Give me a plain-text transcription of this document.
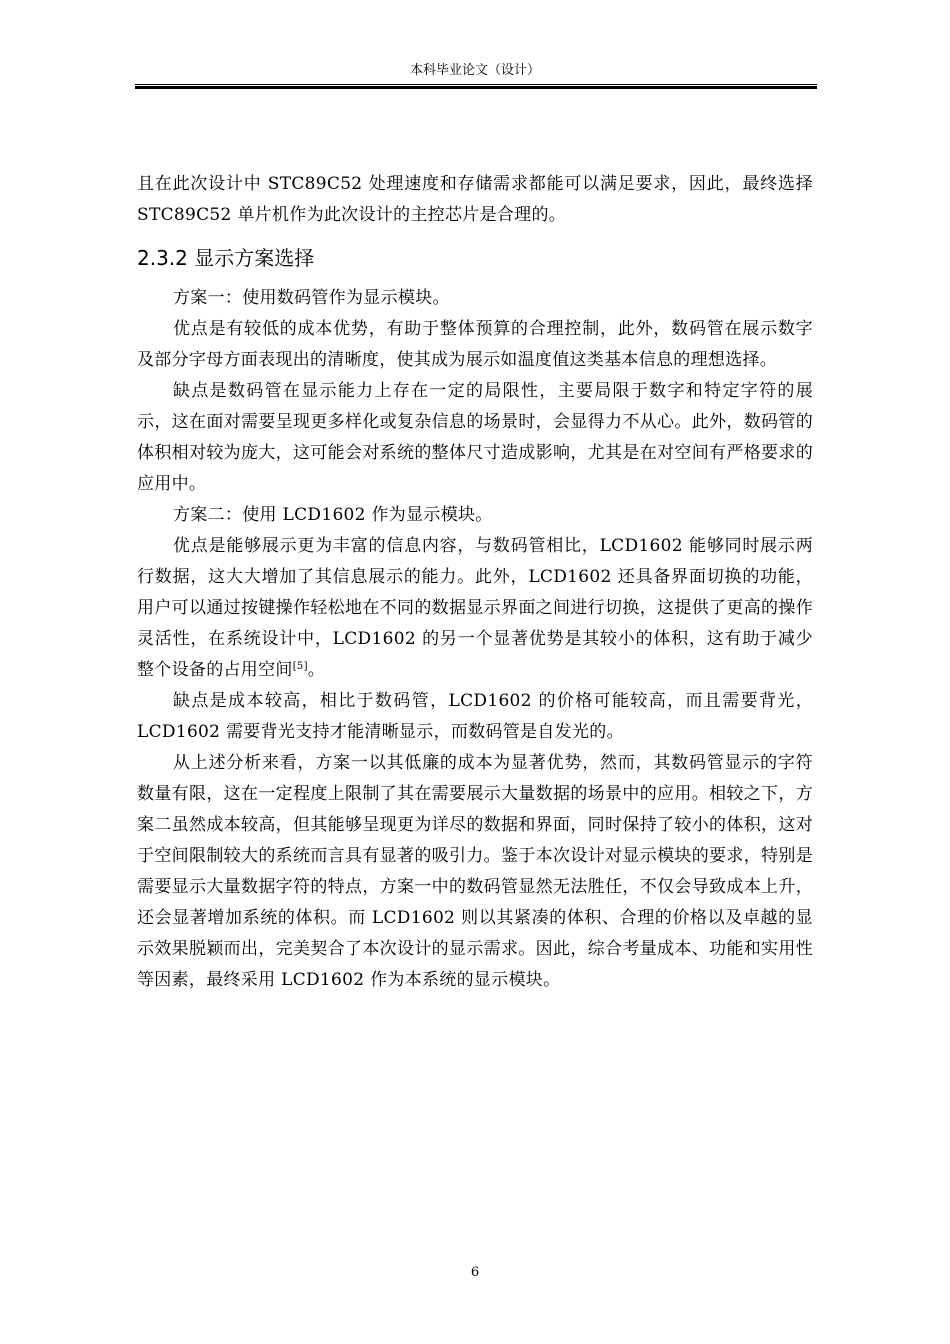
本科毕业论文（设计）

且在此次设计中 STC89C52 处理速度和存储需求都能可以满足要求，因此，最终选择 STC89C52 单片机作为此次设计的主控芯片是合理的。

2.3.2 显示方案选择

方案一：使用数码管作为显示模块。

优点是有较低的成本优势，有助于整体预算的合理控制，此外，数码管在展示数字及部分字母方面表现出的清晰度，使其成为展示如温度值这类基本信息的理想选择。

缺点是数码管在显示能力上存在一定的局限性，主要局限于数字和特定字符的展示，这在面对需要呈现更多样化或复杂信息的场景时，会显得力不从心。此外，数码管的体积相对较为庞大，这可能会对系统的整体尺寸造成影响，尤其是在对空间有严格要求的应用中。

方案二：使用 LCD1602 作为显示模块。

优点是能够展示更为丰富的信息内容，与数码管相比，LCD1602 能够同时展示两行数据，这大大增加了其信息展示的能力。此外，LCD1602 还具备界面切换的功能，用户可以通过按键操作轻松地在不同的数据显示界面之间进行切换，这提供了更高的操作灵活性，在系统设计中，LCD1602 的另一个显著优势是其较小的体积，这有助于减少整个设备的占用空间[5]。

缺点是成本较高，相比于数码管，LCD1602 的价格可能较高，而且需要背光，LCD1602 需要背光支持才能清晰显示，而数码管是自发光的。

从上述分析来看，方案一以其低廉的成本为显著优势，然而，其数码管显示的字符数量有限，这在一定程度上限制了其在需要展示大量数据的场景中的应用。相较之下，方案二虽然成本较高，但其能够呈现更为详尽的数据和界面，同时保持了较小的体积，这对于空间限制较大的系统而言具有显著的吸引力。鉴于本次设计对显示模块的要求，特别是需要显示大量数据字符的特点，方案一中的数码管显然无法胜任，不仅会导致成本上升，还会显著增加系统的体积。而 LCD1602 则以其紧凑的体积、合理的价格以及卓越的显示效果脱颖而出，完美契合了本次设计的显示需求。因此，综合考量成本、功能和实用性等因素，最终采用 LCD1602 作为本系统的显示模块。

6
